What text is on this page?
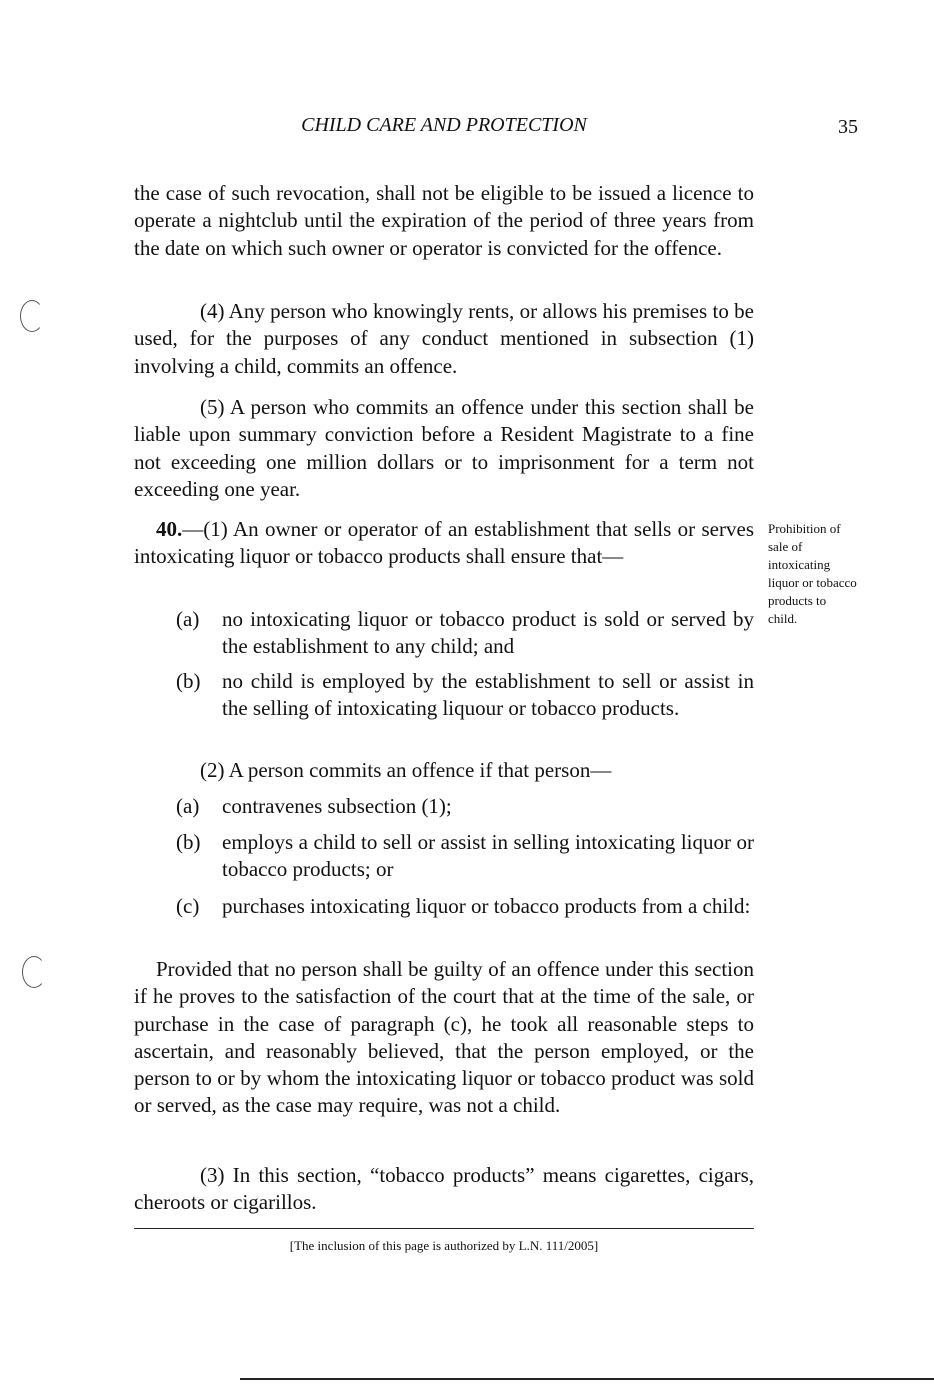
CHILD CARE AND PROTECTION	35
the case of such revocation, shall not be eligible to be issued a licence to operate a nightclub until the expiration of the period of three years from the date on which such owner or operator is convicted for the offence.
(4) Any person who knowingly rents, or allows his premises to be used, for the purposes of any conduct mentioned in subsection (1) involving a child, commits an offence.
(5) A person who commits an offence under this section shall be liable upon summary conviction before a Resident Magistrate to a fine not exceeding one million dollars or to imprisonment for a term not exceeding one year.
40.—(1) An owner or operator of an establishment that sells or serves intoxicating liquor or tobacco products shall ensure that—
Prohibition of sale of intoxicating liquor or tobacco products to child.
(a) no intoxicating liquor or tobacco product is sold or served by the establishment to any child; and
(b) no child is employed by the establishment to sell or assist in the selling of intoxicating liquour or tobacco products.
(2) A person commits an offence if that person—
(a) contravenes subsection (1);
(b) employs a child to sell or assist in selling intoxicating liquor or tobacco products; or
(c) purchases intoxicating liquor or tobacco products from a child:
Provided that no person shall be guilty of an offence under this section if he proves to the satisfaction of the court that at the time of the sale, or purchase in the case of paragraph (c), he took all reasonable steps to ascertain, and reasonably believed, that the person employed, or the person to or by whom the intoxicating liquor or tobacco product was sold or served, as the case may require, was not a child.
(3) In this section, “tobacco products” means cigarettes, cigars, cheroots or cigarillos.
[The inclusion of this page is authorized by L.N. 111/2005]
